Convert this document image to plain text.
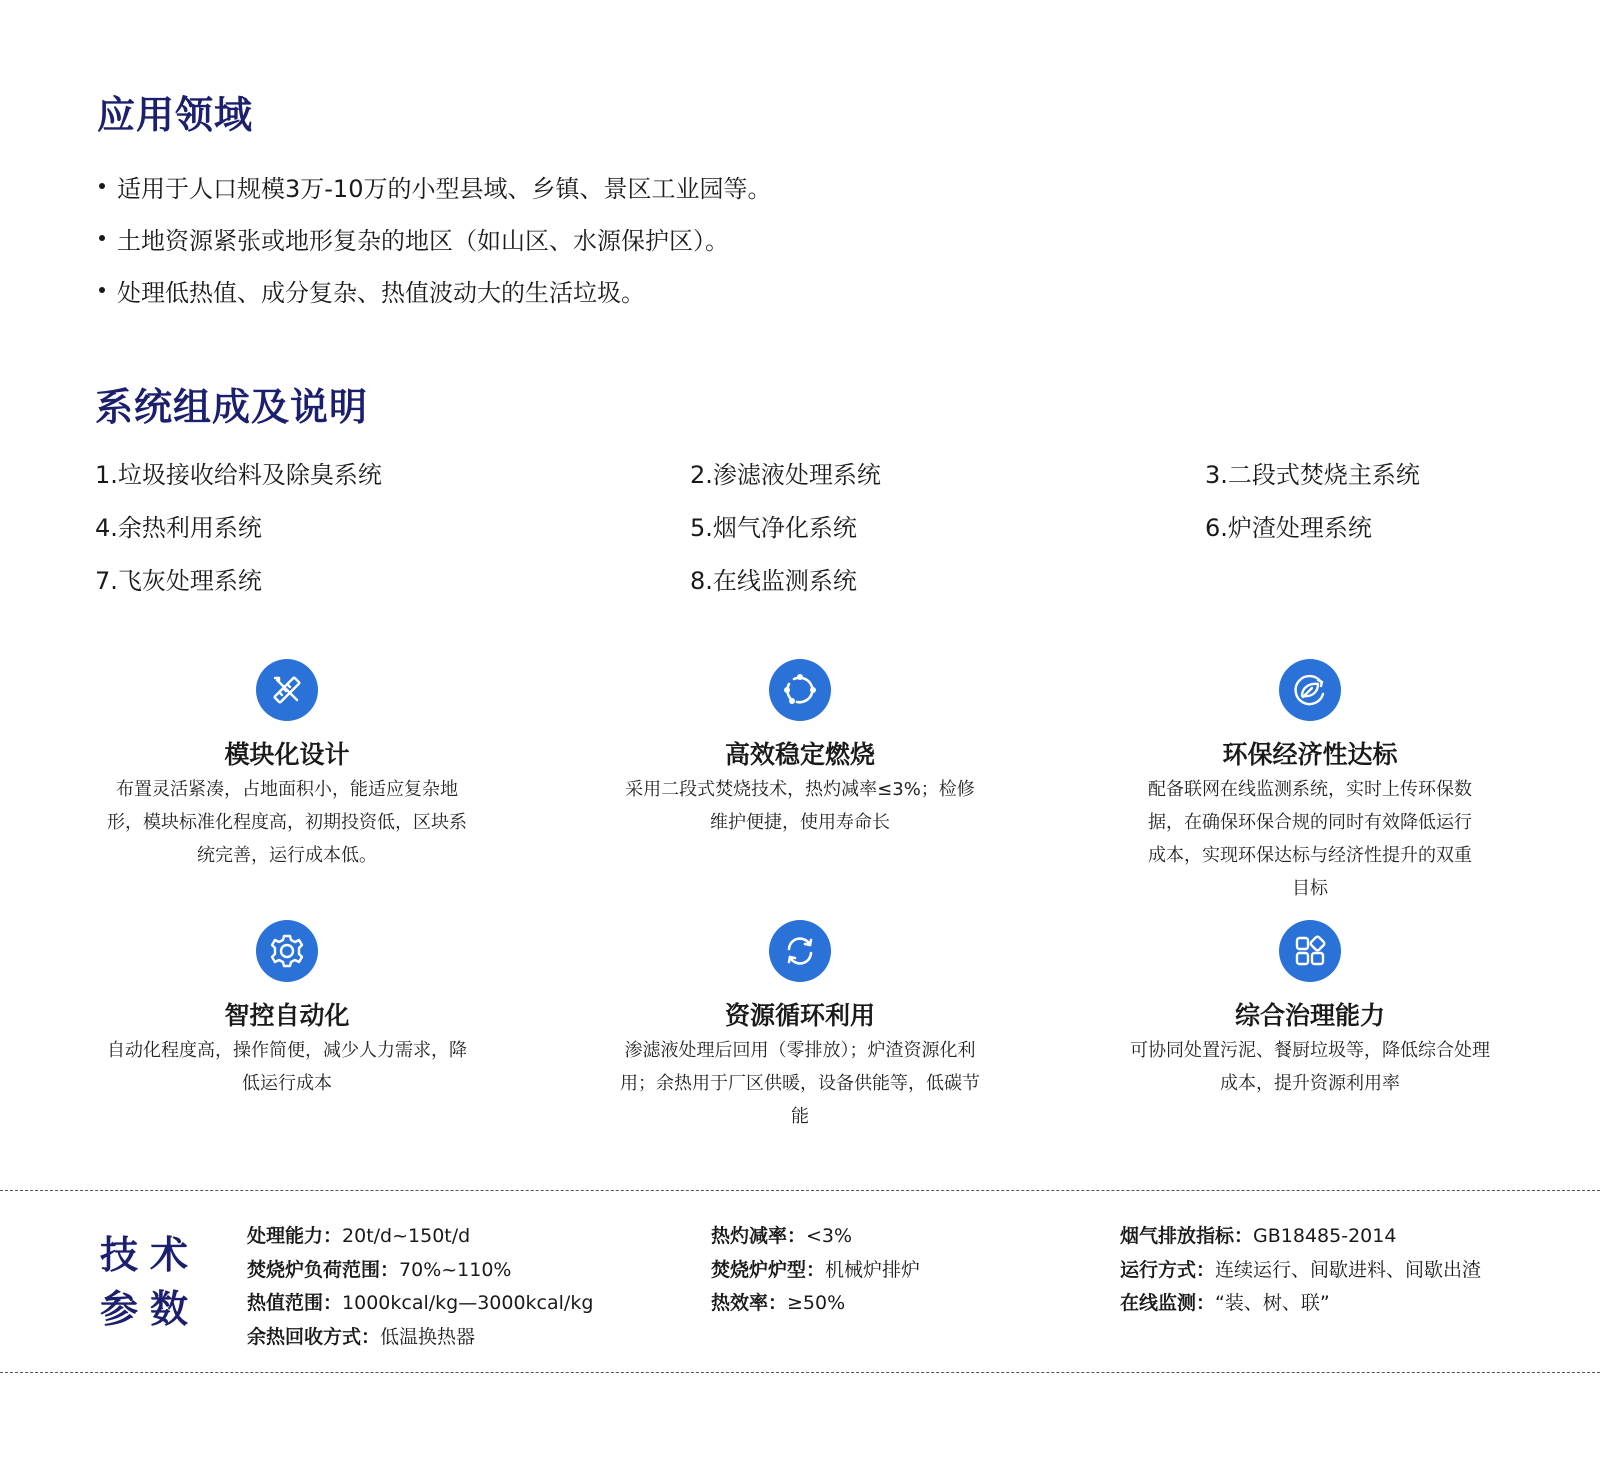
应用领域
适用于人口规模3万-10万的小型县域、乡镇、景区工业园等。
土地资源紧张或地形复杂的地区（如山区、水源保护区）。
处理低热值、成分复杂、热值波动大的生活垃圾。
系统组成及说明
1.垃圾接收给料及除臭系统	2.渗滤液处理系统	3.二段式焚烧主系统
4.余热利用系统	5.烟气净化系统	6.炉渣处理系统
7.飞灰处理系统	8.在线监测系统
模块化设计
布置灵活紧凑，占地面积小，能适应复杂地形，模块标准化程度高，初期投资低，区块系统完善，运行成本低。
高效稳定燃烧
采用二段式焚烧技术，热灼减率≤3%；检修维护便捷，使用寿命长
环保经济性达标
配备联网在线监测系统，实时上传环保数据，在确保环保合规的同时有效降低运行成本，实现环保达标与经济性提升的双重目标
智控自动化
自动化程度高，操作简便，减少人力需求，降低运行成本
资源循环利用
渗滤液处理后回用（零排放）；炉渣资源化利用；余热用于厂区供暖，设备供能等，低碳节能
综合治理能力
可协同处置污泥、餐厨垃圾等，降低综合处理成本，提升资源利用率
技术
参数
处理能力：20t/d~150t/d
焚烧炉负荷范围：70%~110%
热值范围：1000kcal/kg—3000kcal/kg
余热回收方式：低温换热器
热灼减率：<3%
焚烧炉炉型：机械炉排炉
热效率：≥50%
烟气排放指标：GB18485-2014
运行方式：连续运行、间歇进料、间歇出渣
在线监测：“装、树、联”
